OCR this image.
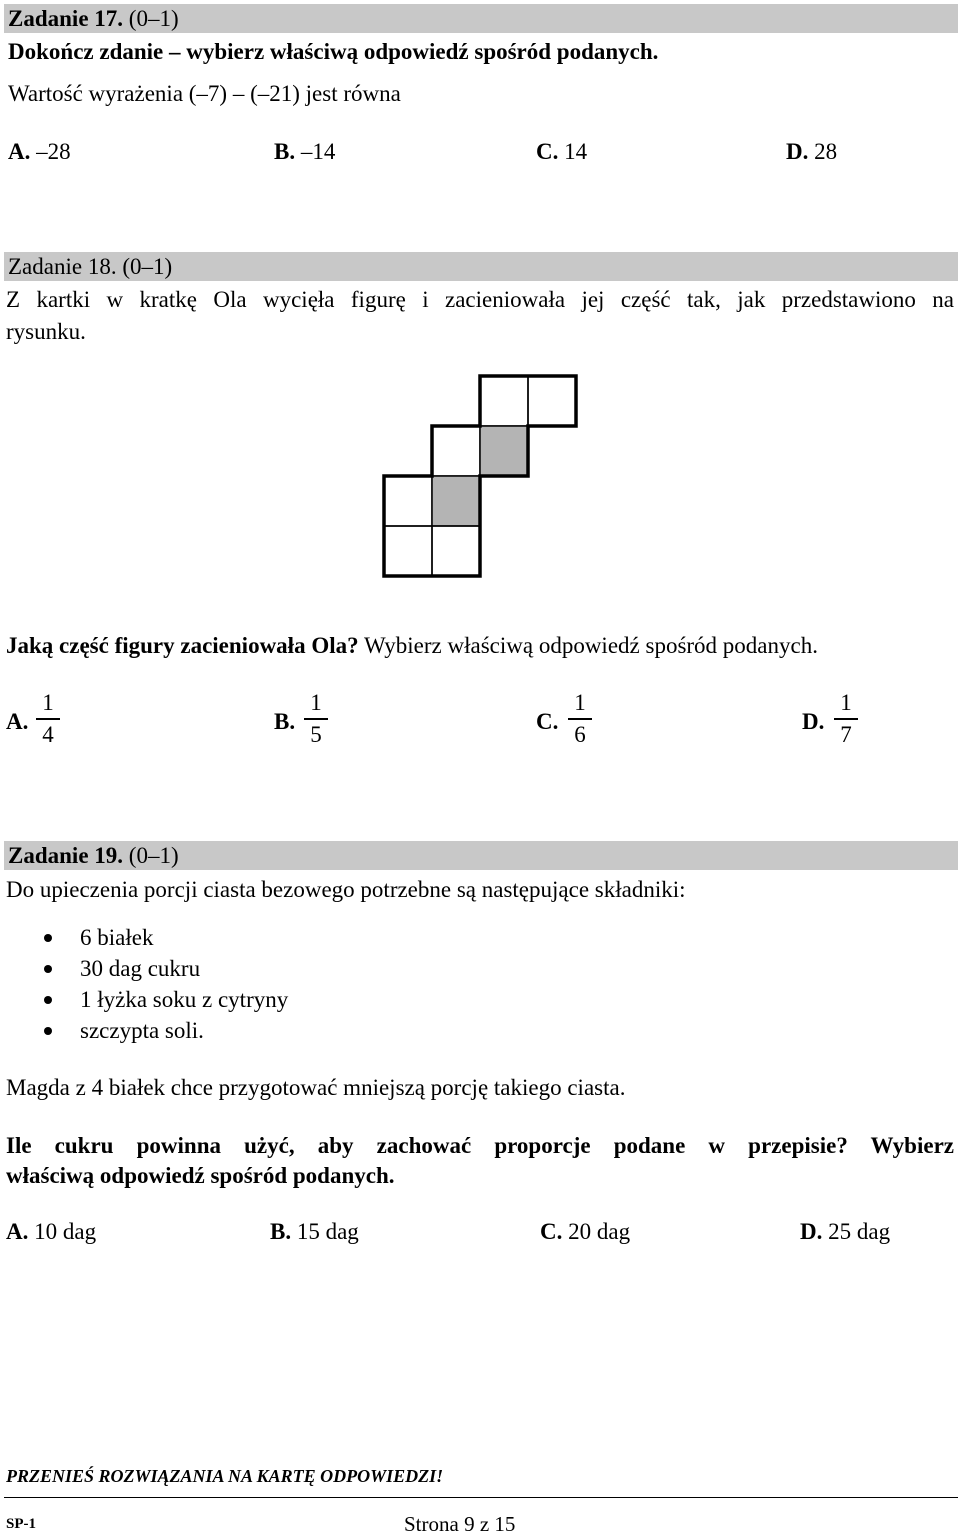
Zadanie 17. (0–1)
Dokończ zdanie – wybierz właściwą odpowiedź spośród podanych.
Wartość wyrażenia (–7) – (–21) jest równa
A. –28	B. –14	C. 14	D. 28
Zadanie 18. (0–1)
Z kartki w kratkę Ola wycięła figurę i zacieniowała jej część tak, jak przedstawiono na
rysunku.
Jaką część figury zacieniowała Ola? Wybierz właściwą odpowiedź spośród podanych.
A.
1
4
B.
1
5
C.
1
6
D.
1
7
Zadanie 19. (0–1)
Do upieczenia porcji ciasta bezowego potrzebne są następujące składniki:
6 białek
30 dag cukru
1 łyżka soku z cytryny
szczypta soli.
Magda z 4 białek chce przygotować mniejszą porcję takiego ciasta.
Ile cukru powinna użyć, aby zachować proporcje podane w przepisie? Wybierz
właściwą odpowiedź spośród podanych.
A. 10 dag	B. 15 dag	C. 20 dag	D. 25 dag
PRZENIEŚ ROZWIĄZANIA NA KARTĘ ODPOWIEDZI!
SP-1	Strona 9 z 15
